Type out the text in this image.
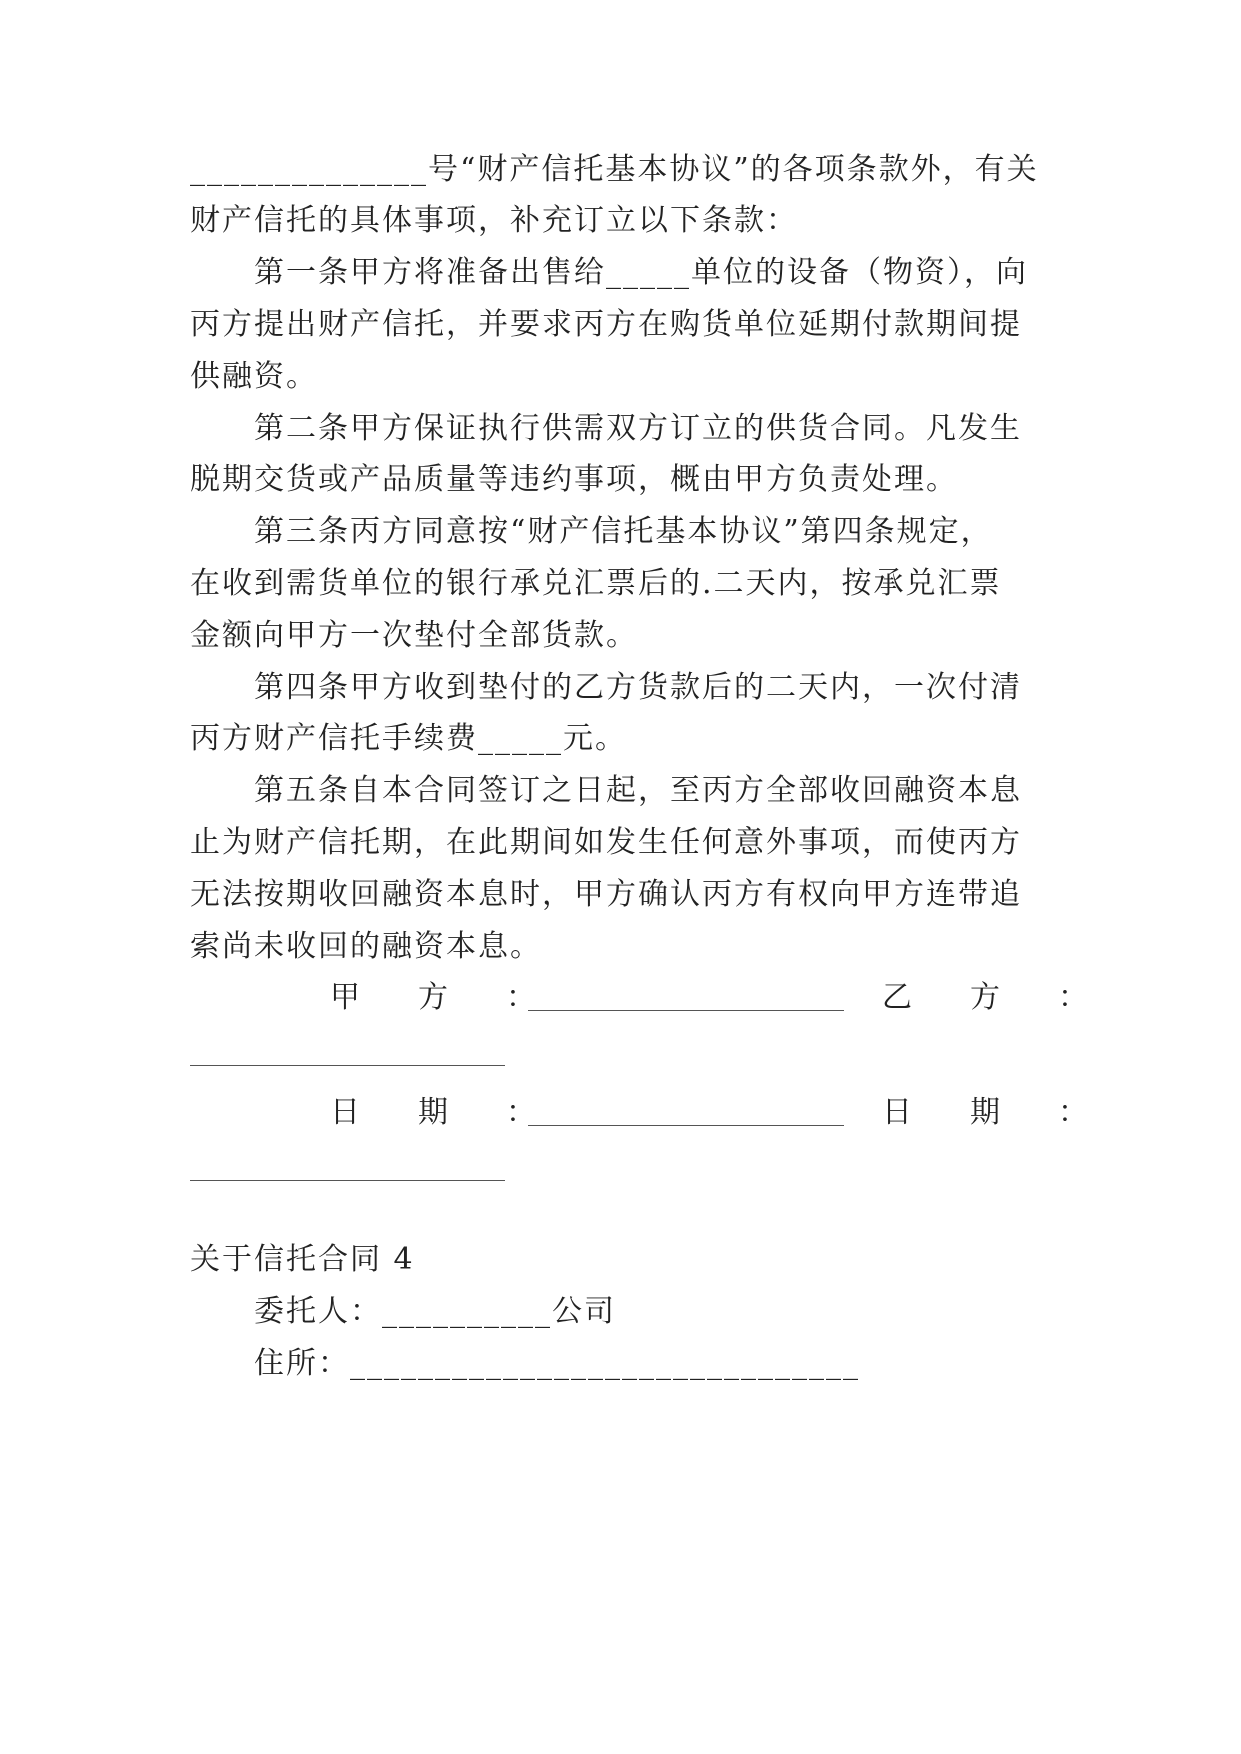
______________号“财产信托基本协议”的各项条款外，有关
财产信托的具体事项，补充订立以下条款：
　　第一条甲方将准备出售给_____单位的设备（物资），向
丙方提出财产信托，并要求丙方在购货单位延期付款期间提
供融资。
　　第二条甲方保证执行供需双方订立的供货合同。凡发生
脱期交货或产品质量等违约事项，概由甲方负责处理。
　　第三条丙方同意按“财产信托基本协议”第四条规定，
在收到需货单位的银行承兑汇票后的.二天内，按承兑汇票
金额向甲方一次垫付全部货款。
　　第四条甲方收到垫付的乙方货款后的二天内，一次付清
丙方财产信托手续费_____元。
　　第五条自本合同签订之日起，至丙方全部收回融资本息
止为财产信托期，在此期间如发生任何意外事项，而使丙方
无法按期收回融资本息时，甲方确认丙方有权向甲方连带追
索尚未收回的融资本息。
甲　方　：	乙　方　：
日　期　：	日　期　：
关于信托合同 4
　　委托人：__________公司
　　住所：______________________________
